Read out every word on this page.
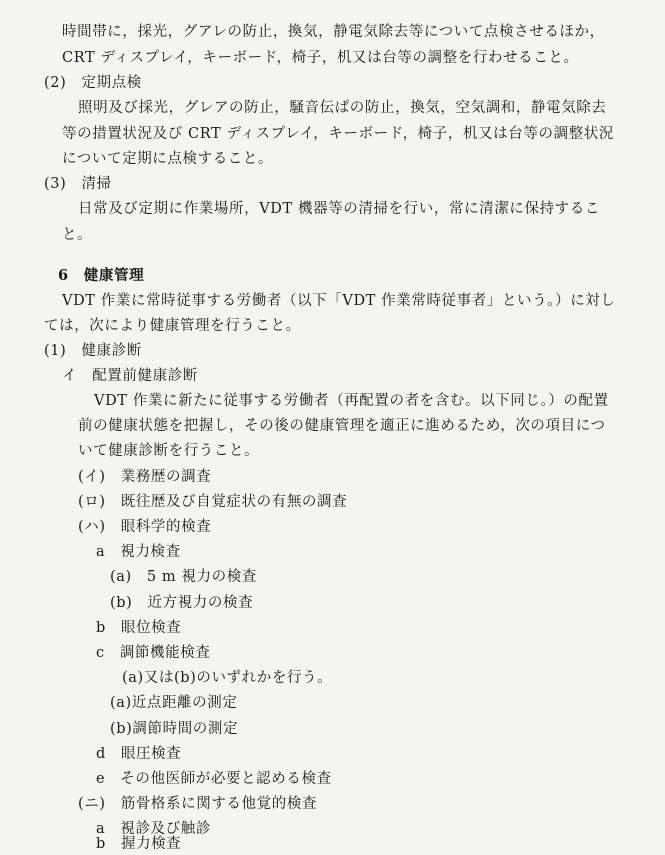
時間帯に，採光，グアレの防止，換気，静電気除去等について点検させるほか，
CRT ディスプレイ，キーボード，椅子，机又は台等の調整を行わせること。
(2)　定期点検
照明及び採光，グレアの防止，騒音伝ぱの防止，換気，空気調和，静電気除去
等の措置状況及び CRT ディスプレイ，キーボード，椅子，机又は台等の調整状況
について定期に点検すること。
(3)　清掃
日常及び定期に作業場所，VDT 機器等の清掃を行い，常に清潔に保持するこ
と。
6　健康管理
VDT 作業に常時従事する労働者（以下「VDT 作業常時従事者」という。）に対し
ては，次により健康管理を行うこと。
(1)　健康診断
イ　配置前健康診断
VDT 作業に新たに従事する労働者（再配置の者を含む。以下同じ。）の配置
前の健康状態を把握し，その後の健康管理を適正に進めるため，次の項目につ
いて健康診断を行うこと。
(イ)　業務歴の調査
(ロ)　既往歴及び自覚症状の有無の調査
(ハ)　眼科学的検査
a　視力検査
(a)　5 m 視力の検査
(b)　近方視力の検査
b　眼位検査
c　調節機能検査
(a)又は(b)のいずれかを行う。
(a)近点距離の測定
(b)調節時間の測定
d　眼圧検査
e　その他医師が必要と認める検査
(ニ)　筋骨格系に関する他覚的検査
a　視診及び触診
b　握力検査
